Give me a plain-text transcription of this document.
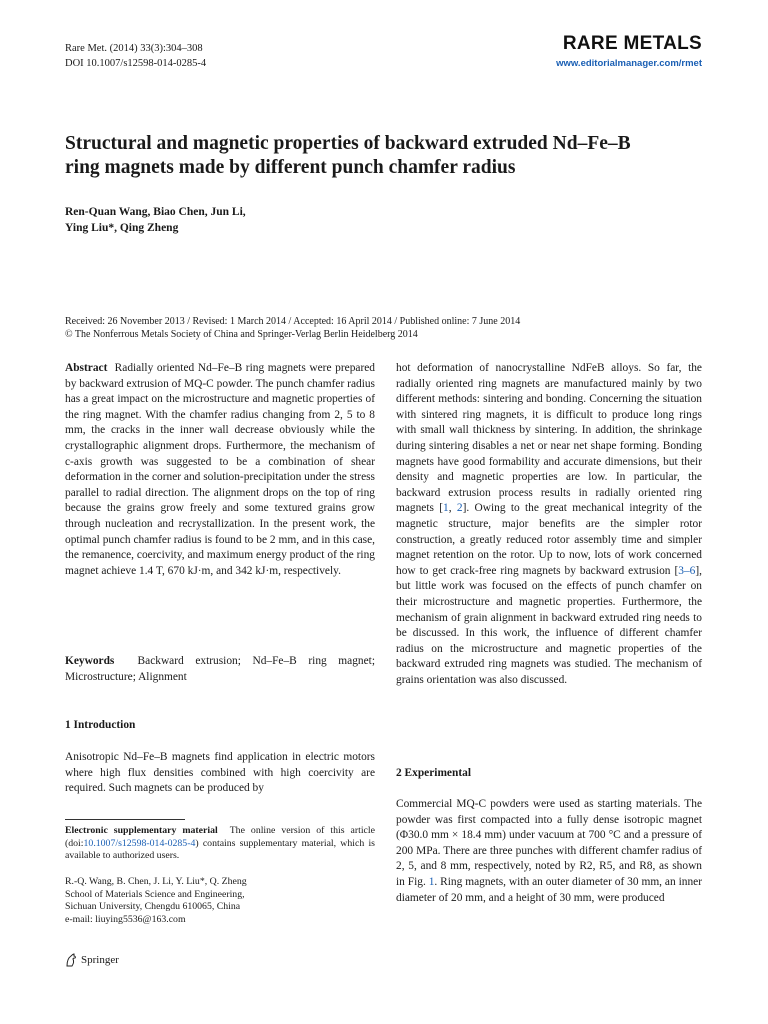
Rare Met. (2014) 33(3):304–308
DOI 10.1007/s12598-014-0285-4
RARE METALS
www.editorialmanager.com/rmet
Structural and magnetic properties of backward extruded Nd–Fe–B
ring magnets made by different punch chamfer radius
Ren-Quan Wang, Biao Chen, Jun Li,
Ying Liu*, Qing Zheng
Received: 26 November 2013 / Revised: 1 March 2014 / Accepted: 16 April 2014 / Published online: 7 June 2014
© The Nonferrous Metals Society of China and Springer-Verlag Berlin Heidelberg 2014
Abstract Radially oriented Nd–Fe–B ring magnets were prepared by backward extrusion of MQ-C powder. The punch chamfer radius has a great impact on the microstructure and magnetic properties of the ring magnet. With the chamfer radius changing from 2, 5 to 8 mm, the cracks in the inner wall decrease obviously while the crystallographic alignment drops. Furthermore, the mechanism of c-axis growth was suggested to be a combination of shear deformation in the corner and solution-precipitation under the stress parallel to radial direction. The alignment drops on the top of ring because the grains grow freely and some textured grains grow through nucleation and recrystallization. In the present work, the optimal punch chamfer radius is found to be 2 mm, and in this case, the remanence, coercivity, and maximum energy product of the ring magnet achieve 1.4 T, 670 kJ·m, and 342 kJ·m, respectively.
Keywords Backward extrusion; Nd–Fe–B ring magnet; Microstructure; Alignment
1 Introduction
Anisotropic Nd–Fe–B magnets find application in electric motors where high flux densities combined with high coercivity are required. Such magnets can be produced by
Electronic supplementary material The online version of this article (doi:10.1007/s12598-014-0285-4) contains supplementary material, which is available to authorized users.
R.-Q. Wang, B. Chen, J. Li, Y. Liu*, Q. Zheng
School of Materials Science and Engineering,
Sichuan University, Chengdu 610065, China
e-mail: liuying5536@163.com
Springer
hot deformation of nanocrystalline NdFeB alloys. So far, the radially oriented ring magnets are manufactured mainly by two different methods: sintering and bonding. Concerning the situation with sintered ring magnets, it is difficult to produce long rings with small wall thickness by sintering. In addition, the shrinkage during sintering disables a net or near net shape forming. Bonding magnets have good formability and accurate dimensions, but their density and magnetic properties are low. In particular, the backward extrusion process results in radially oriented ring magnets [1, 2]. Owing to the great mechanical integrity of the magnetic structure, major benefits are the simpler rotor construction, a greatly reduced rotor assembly time and simpler magnet retention on the rotor. Up to now, lots of work concerned how to get crack-free ring magnets by backward extrusion [3–6], but little work was focused on the effects of punch chamfer on their microstructure and magnetic properties. Furthermore, the mechanism of grain alignment in backward extruded ring needs to be discussed. In this work, the influence of different chamfer radius on the microstructure and magnetic properties of the backward extruded ring magnets was studied. The mechanism of grains orientation was also discussed.
2 Experimental
Commercial MQ-C powders were used as starting materials. The powder was first compacted into a fully dense isotropic magnet (Φ30.0 mm × 18.4 mm) under vacuum at 700 °C and a pressure of 200 MPa. There are three punches with different chamfer radius of 2, 5, and 8 mm, respectively, noted by R2, R5, and R8, as shown in Fig. 1. Ring magnets, with an outer diameter of 30 mm, an inner diameter of 20 mm, and a height of 30 mm, were produced
